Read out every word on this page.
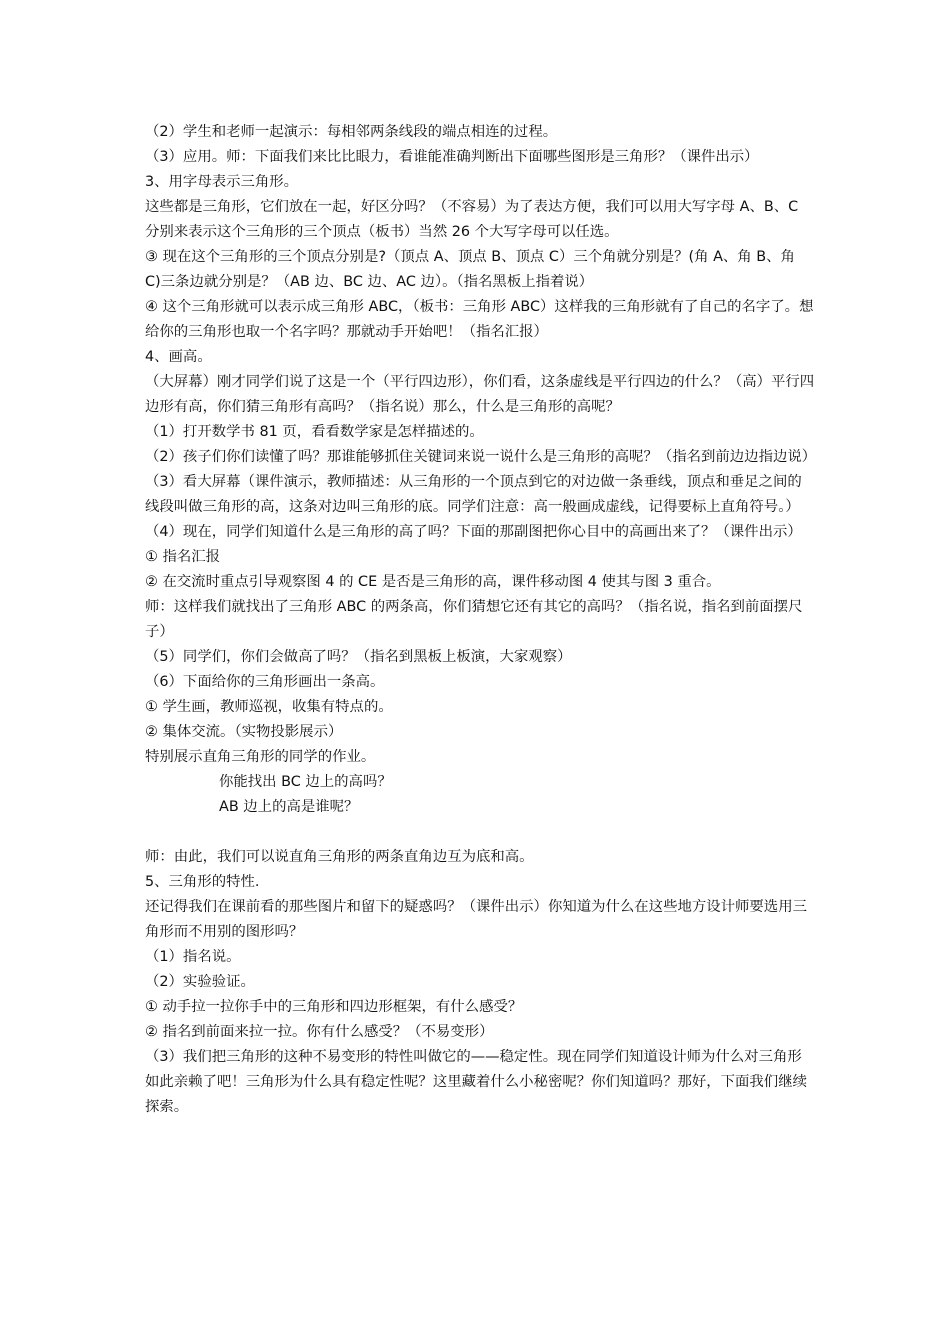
（2）学生和老师一起演示：每相邻两条线段的端点相连的过程。

（3）应用。师：下面我们来比比眼力，看谁能准确判断出下面哪些图形是三角形？（课件出示）

3、用字母表示三角形。

这些都是三角形，它们放在一起，好区分吗？（不容易）为了表达方便，我们可以用大写字母 A、B、C 分别来表示这个三角形的三个顶点（板书）当然 26 个大写字母可以任选。

③ 现在这个三角形的三个顶点分别是?（顶点 A、顶点 B、顶点 C）三个角就分别是？(角 A、角 B、角 C)三条边就分别是？（AB 边、BC 边、AC 边）。（指名黑板上指着说）

④ 这个三角形就可以表示成三角形 ABC，（板书：三角形 ABC）这样我的三角形就有了自己的名字了。想给你的三角形也取一个名字吗？那就动手开始吧！（指名汇报）

4、画高。

（大屏幕）刚才同学们说了这是一个（平行四边形），你们看，这条虚线是平行四边的什么？（高）平行四边形有高，你们猜三角形有高吗？（指名说）那么，什么是三角形的高呢？

（1）打开数学书 81 页，看看数学家是怎样描述的。

（2）孩子们你们读懂了吗？那谁能够抓住关键词来说一说什么是三角形的高呢？（指名到前边边指边说）

（3）看大屏幕（课件演示，教师描述：从三角形的一个顶点到它的对边做一条垂线，顶点和垂足之间的线段叫做三角形的高，这条对边叫三角形的底。同学们注意：高一般画成虚线，记得要标上直角符号。）

（4）现在，同学们知道什么是三角形的高了吗？下面的那副图把你心目中的高画出来了？（课件出示）

① 指名汇报

② 在交流时重点引导观察图 4 的 CE 是否是三角形的高，课件移动图 4 使其与图 3 重合。

师：这样我们就找出了三角形 ABC 的两条高，你们猜想它还有其它的高吗？（指名说，指名到前面摆尺子）

（5）同学们，你们会做高了吗？（指名到黑板上板演，大家观察）

（6）下面给你的三角形画出一条高。

① 学生画，教师巡视，收集有特点的。

② 集体交流。（实物投影展示）

特别展示直角三角形的同学的作业。

你能找出 BC 边上的高吗？

AB 边上的高是谁呢？

师：由此，我们可以说直角三角形的两条直角边互为底和高。

5、三角形的特性.

还记得我们在课前看的那些图片和留下的疑惑吗？（课件出示）你知道为什么在这些地方设计师要选用三角形而不用别的图形吗？

（1）指名说。

（2）实验验证。

① 动手拉一拉你手中的三角形和四边形框架，有什么感受？

② 指名到前面来拉一拉。你有什么感受？（不易变形）

（3）我们把三角形的这种不易变形的特性叫做它的——稳定性。现在同学们知道设计师为什么对三角形如此亲赖了吧！三角形为什么具有稳定性呢？这里藏着什么小秘密呢？你们知道吗？那好，下面我们继续探索。
